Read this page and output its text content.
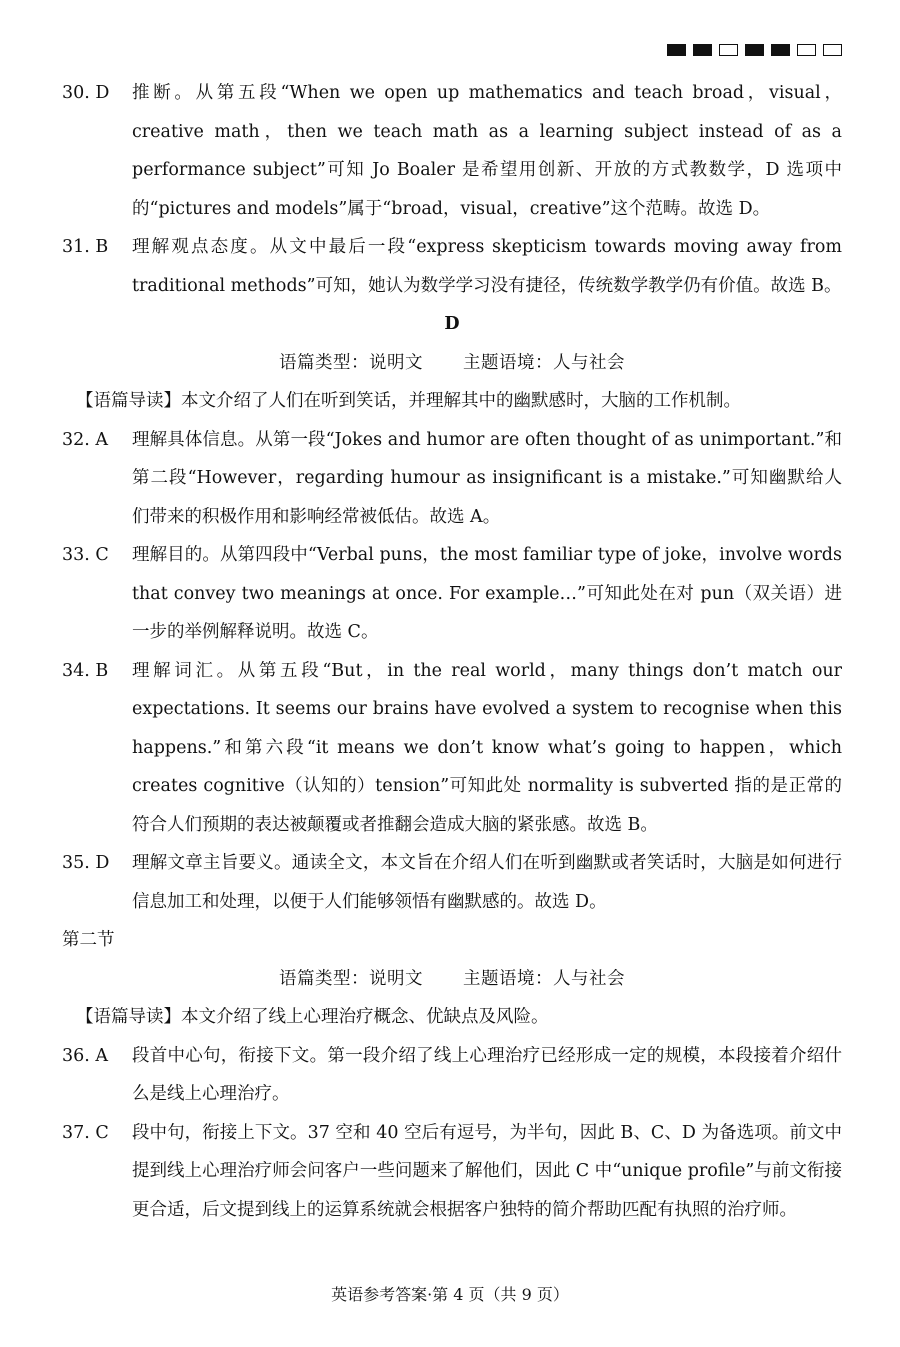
30. D	推断。从第五段“When we open up mathematics and teach broad，visual，creative math，then we teach math as a learning subject instead of as a performance subject”可知 Jo Boaler 是希望用创新、开放的方式教数学，D 选项中的“pictures and models”属于“broad，visual，creative”这个范畴。故选 D。
31. B	理解观点态度。从文中最后一段“express skepticism towards moving away from traditional methods”可知，她认为数学学习没有捷径，传统数学教学仍有价值。故选 B。
D
语篇类型：说明文 主题语境：人与社会
【语篇导读】本文介绍了人们在听到笑话，并理解其中的幽默感时，大脑的工作机制。
32. A	理解具体信息。从第一段“Jokes and humor are often thought of as unimportant.”和第二段“However，regarding humour as insignificant is a mistake.”可知幽默给人们带来的积极作用和影响经常被低估。故选 A。
33. C	理解目的。从第四段中“Verbal puns，the most familiar type of joke，involve words that convey two meanings at once. For example…”可知此处在对 pun（双关语）进一步的举例解释说明。故选 C。
34. B	理解词汇。从第五段“But，in the real world，many things don’t match our expectations. It seems our brains have evolved a system to recognise when this happens.”和第六段“it means we don’t know what’s going to happen，which creates cognitive（认知的）tension”可知此处 normality is subverted 指的是正常的符合人们预期的表达被颠覆或者推翻会造成大脑的紧张感。故选 B。
35. D	理解文章主旨要义。通读全文，本文旨在介绍人们在听到幽默或者笑话时，大脑是如何进行信息加工和处理，以便于人们能够领悟有幽默感的。故选 D。
第二节
语篇类型：说明文 主题语境：人与社会
【语篇导读】本文介绍了线上心理治疗概念、优缺点及风险。
36. A	段首中心句，衔接下文。第一段介绍了线上心理治疗已经形成一定的规模，本段接着介绍什么是线上心理治疗。
37. C	段中句，衔接上下文。37 空和 40 空后有逗号，为半句，因此 B、C、D 为备选项。前文中提到线上心理治疗师会问客户一些问题来了解他们，因此 C 中“unique profile”与前文衔接更合适，后文提到线上的运算系统就会根据客户独特的简介帮助匹配有执照的治疗师。
英语参考答案·第 4 页（共 9 页）
